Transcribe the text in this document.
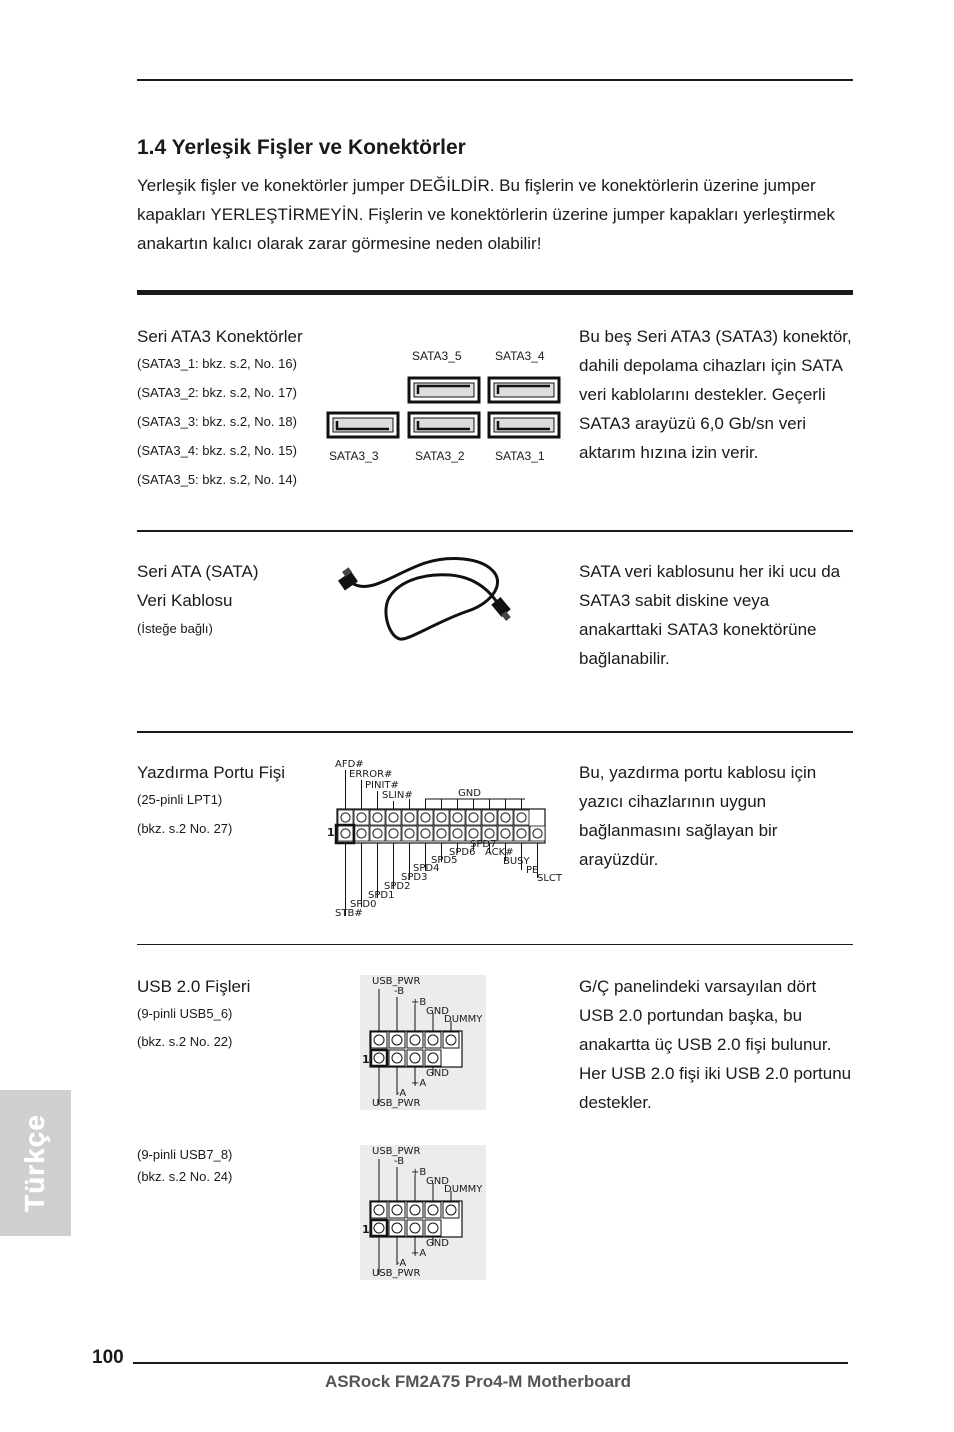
1.4 Yerleşik Fişler ve Konektörler
Yerleşik fişler ve konektörler jumper DEĞİLDİR. Bu fişlerin ve konektörlerin üzerine jumper kapakları YERLEŞTİRMEYİN. Fişlerin ve konektörlerin üzerine jumper kapakları yerleştirmek anakartın kalıcı olarak zarar görmesine neden olabilir!
Seri ATA3 Konektörler
(SATA3_1: bkz. s.2, No. 16)
(SATA3_2: bkz. s.2, No. 17)
(SATA3_3: bkz. s.2, No. 18)
(SATA3_4: bkz. s.2, No. 15)
(SATA3_5: bkz. s.2, No. 14)
SATA3_5	SATA3_4
SATA3_3	SATA3_2	SATA3_1
Bu beş Seri ATA3 (SATA3) konektör, dahili depolama cihazları için SATA veri kablolarını destekler. Geçerli SATA3 arayüzü 6,0 Gb/sn veri aktarım hızına izin verir.
Seri ATA (SATA)
Veri Kablosu
(İsteğe bağlı)
SATA veri kablosunu her iki ucu da SATA3 sabit diskine veya anakarttaki SATA3 konektörüne bağlanabilir.
Yazdırma Portu Fişi
(25-pinli LPT1)
(bkz. s.2 No. 27)
AFD#
ERROR#
PINIT#
SLIN#	GND
SPD7
SPD6 ACK#
SPD5	BUSY
SPD4	PE
SPD3	SLCT
SPD2
SPD1
SPD0
STB#
1
Bu, yazdırma portu kablosu için yazıcı cihazlarının uygun bağlanmasını sağlayan bir arayüzdür.
USB 2.0 Fişleri
(9-pinli USB5_6)
(bkz. s.2 No. 22)
G/Ç panelindeki varsayılan dört USB 2.0 portundan başka, bu anakartta üç USB 2.0 fişi bulunur. Her USB 2.0 fişi iki USB 2.0 portunu destekler.
(9-pinli USB7_8)
(bkz. s.2 No. 24)
USB_PWR
-B
+B
GND
DUMMY
GND
+A
-A
USB_PWR
1
USB_PWR
-B
+B
GND
DUMMY
GND
+A
-A
USB_PWR
1
Türkçe
100
ASRock FM2A75 Pro4-M Motherboard
